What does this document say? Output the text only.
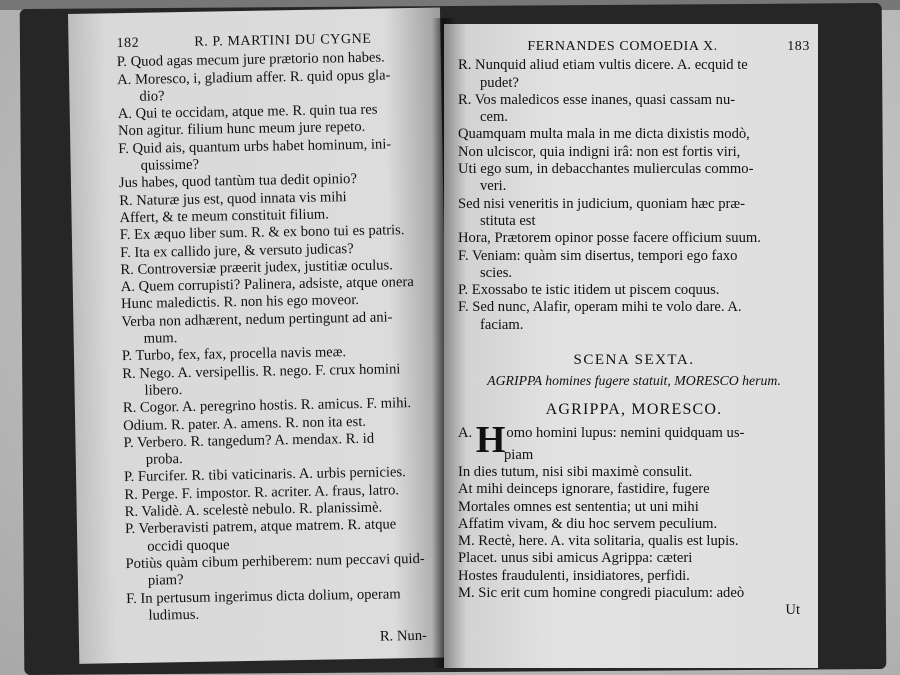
182	R. P. MARTINI DU CYGNE
P. Quod agas mecum jure prætorio non habes.
A. Moresco, i, gladium affer. R. quid opus gla-
dio?
A. Qui te occidam, atque me. R. quin tua res
Non agitur. filium hunc meum jure repeto.
F. Quid ais, quantum urbs habet hominum, ini-
quissime?
Jus habes, quod tantùm tua dedit opinio?
R. Naturæ jus est, quod innata vis mihi
Affert, & te meum constituit filium.
F. Ex æquo liber sum. R. & ex bono tui es patris.
F. Ita ex callido jure, & versuto judicas?
R. Controversiæ præerit judex, justitiæ oculus.
A. Quem corrupisti? Palinera, adsiste, atque onera
Hunc maledictis. R. non his ego moveor.
Verba non adhærent, nedum pertingunt ad ani-
mum.
P. Turbo, fex, fax, procella navis meæ.
R. Nego. A. versipellis. R. nego. F. crux homini
libero.
R. Cogor. A. peregrino hostis. R. amicus. F. mihi.
Odium. R. pater. A. amens. R. non ita est.
P. Verbero. R. tangedum? A. mendax. R. id
proba.
P. Furcifer. R. tibi vaticinaris. A. urbis pernicies.
R. Perge. F. impostor. R. acriter. A. fraus, latro.
R. Validè. A. scelestè nebulo. R. planissimè.
P. Verberavisti patrem, atque matrem. R. atque
occidi quoque
Potiùs quàm cibum perhiberem: num peccavi quid-
piam?
F. In pertusum ingerimus dicta dolium, operam
ludimus.
R. Nun-
FERNANDES COMOEDIA X.	183
R. Nunquid aliud etiam vultis dicere. A. ecquid te
pudet?
R. Vos maledicos esse inanes, quasi cassam nu-
cem.
Quamquam multa mala in me dicta dixistis modò,
Non ulciscor, quia indigni irâ: non est fortis viri,
Uti ego sum, in debacchantes mulierculas commo-
veri.
Sed nisi veneritis in judicium, quoniam hæc præ-
stituta est
Hora, Prætorem opinor posse facere officium suum.
F. Veniam: quàm sim disertus, tempori ego faxo
scies.
P. Exossabo te istic itidem ut piscem coquus.
F. Sed nunc, Alafir, operam mihi te volo dare. A.
faciam.
SCENA SEXTA.
AGRIPPA homines fugere statuit, MORESCO herum.
AGRIPPA, MORESCO.
A. Homo homini lupus: nemini quidquam us-
piam
In dies tutum, nisi sibi maximè consulit.
At mihi deinceps ignorare, fastidire, fugere
Mortales omnes est sententia; ut uni mihi
Affatim vivam, & diu hoc servem peculium.
M. Rectè, here. A. vita solitaria, qualis est lupis.
Placet. unus sibi amicus Agrippa: cæteri
Hostes fraudulenti, insidiatores, perfidi.
M. Sic erit cum homine congredi piaculum: adeò
Ut
